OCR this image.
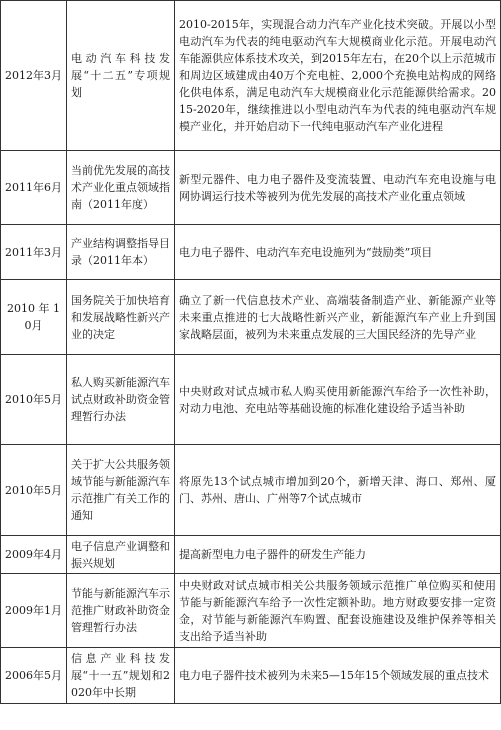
2012年3月	电动汽车科技发展“十二五”专项规划	2010-2015年，实现混合动力汽车产业化技术突破。开展以小型电动汽车为代表的纯电驱动汽车大规模商业化示范。开展电动汽车能源供应体系技术攻关，到2015年左右，在20个以上示范城市和周边区域建成由40万个充电桩、2,000个充换电站构成的网络化供电体系，满足电动汽车大规模商业化示范能源供给需求。2015-2020年，继续推进以小型电动汽车为代表的纯电驱动汽车规模产业化，并开始启动下一代纯电驱动汽车产业化进程
2011年6月	当前优先发展的高技术产业化重点领域指南（2011年度）	新型元器件、电力电子器件及变流装置、电动汽车充电设施与电网协调运行技术等被列为优先发展的高技术产业化重点领域
2011年3月	产业结构调整指导目录（2011年本）	电力电子器件、电动汽车充电设施列为“鼓励类”项目
2010 年 10月	国务院关于加快培育和发展战略性新兴产业的决定	确立了新一代信息技术产业、高端装备制造产业、新能源产业等未来重点推进的七大战略性新兴产业，新能源汽车产业上升到国家战略层面，被列为未来重点发展的三大国民经济的先导产业
2010年5月	私人购买新能源汽车试点财政补助资金管理暂行办法	中央财政对试点城市私人购买使用新能源汽车给予一次性补助，对动力电池、充电站等基础设施的标准化建设给予适当补助
2010年5月	关于扩大公共服务领域节能与新能源汽车示范推广有关工作的通知	将原先13个试点城市增加到20个，新增天津、海口、郑州、厦门、苏州、唐山、广州等7个试点城市
2009年4月	电子信息产业调整和振兴规划	提高新型电力电子器件的研发生产能力
2009年1月	节能与新能源汽车示范推广财政补助资金管理暂行办法	中央财政对试点城市相关公共服务领域示范推广单位购买和使用节能与新能源汽车给予一次性定额补助。地方财政要安排一定资金，对节能与新能源汽车购置、配套设施建设及维护保养等相关支出给予适当补助
2006年5月	信息产业科技发展“十一五”规划和2020年中长期	电力电子器件技术被列为未来5—15年15个领域发展的重点技术
